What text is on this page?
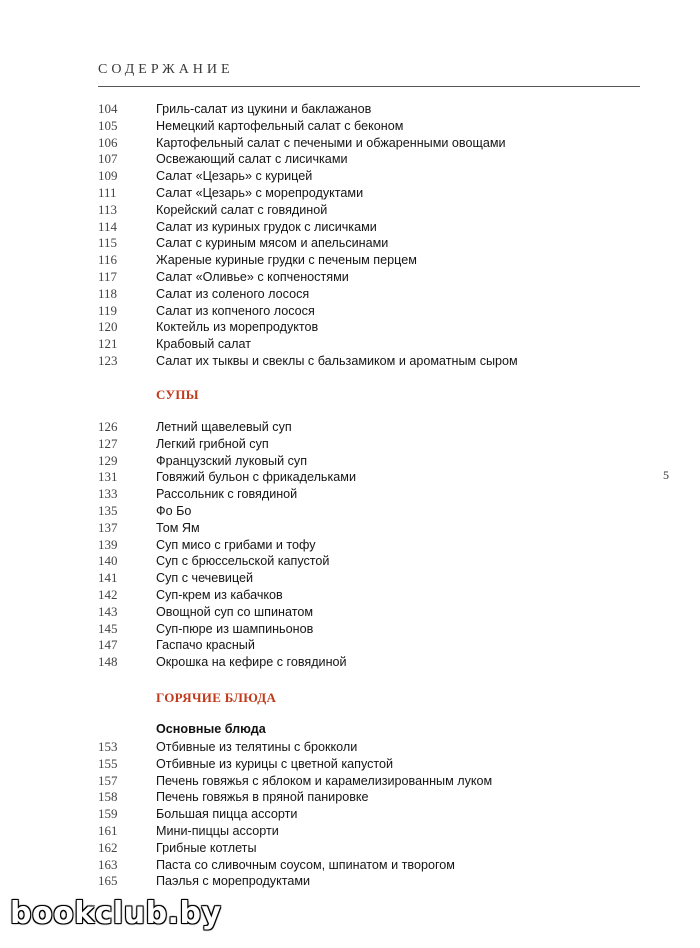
СОДЕРЖАНИЕ
104	Гриль-салат из цукини и баклажанов
105	Немецкий картофельный салат с беконом
106	Картофельный салат с печеными и обжаренными овощами
107	Освежающий салат с лисичками
109	Салат «Цезарь» с курицей
111	Салат «Цезарь» с морепродуктами
113	Корейский салат с говядиной
114	Салат из куриных грудок с лисичками
115	Салат с куриным мясом и апельсинами
116	Жареные куриные грудки с печеным перцем
117	Салат «Оливье» с копченостями
118	Салат из соленого лосося
119	Салат из копченого лосося
120	Коктейль из морепродуктов
121	Крабовый салат
123	Салат их тыквы и свеклы с бальзамиком и ароматным сыром
СУПЫ
126	Летний щавелевый суп
127	Легкий грибной суп
129	Французский луковый суп
131	Говяжий бульон с фрикадельками
133	Рассольник с говядиной
135	Фо Бо
137	Том Ям
139	Суп мисо с грибами и тофу
140	Суп с брюссельской капустой
141	Суп с чечевицей
142	Суп-крем из кабачков
143	Овощной суп со шпинатом
145	Суп-пюре из шампиньонов
147	Гаспачо красный
148	Окрошка на кефире с говядиной
ГОРЯЧИЕ БЛЮДА
Основные блюда
153	Отбивные из телятины с брокколи
155	Отбивные из курицы с цветной капустой
157	Печень говяжья с яблоком и карамелизированным луком
158	Печень говяжья в пряной панировке
159	Большая пицца ассорти
161	Мини-пиццы ассорти
162	Грибные котлеты
163	Паста со сливочным соусом, шпинатом и творогом
165	Паэлья с морепродуктами
5
bookclub.by
